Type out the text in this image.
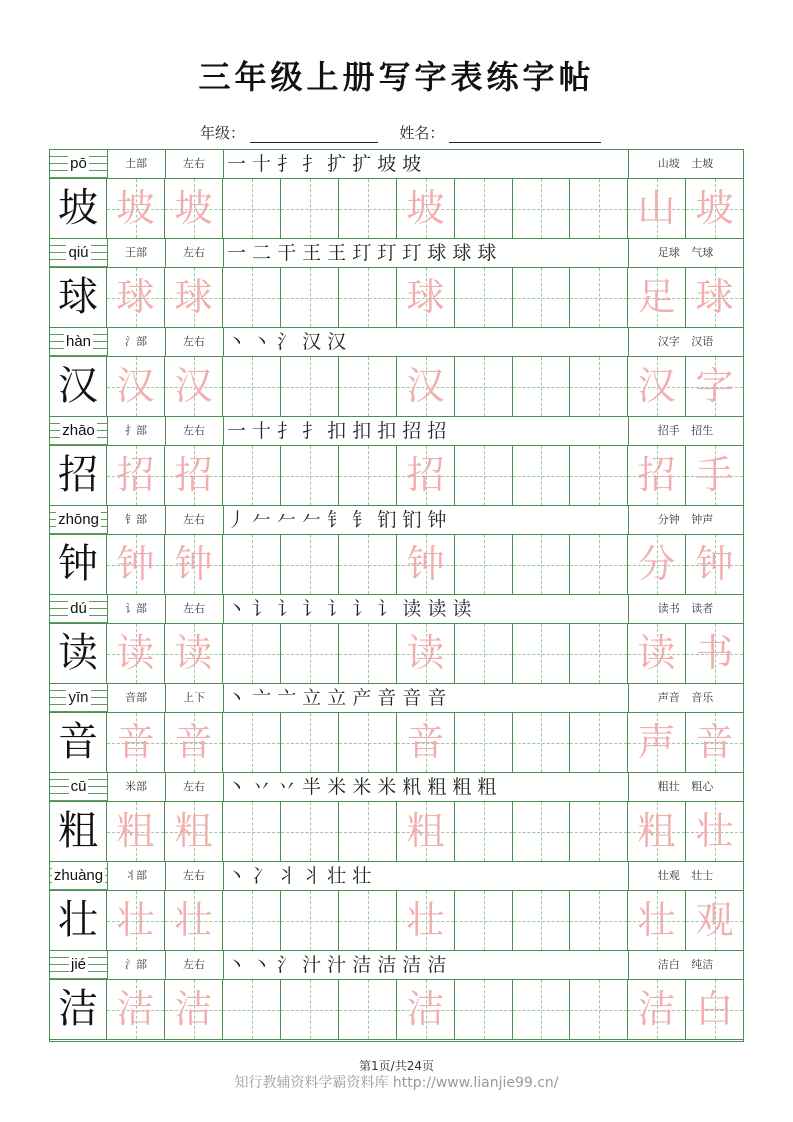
三年级上册写字表练字帖
年级：	姓名：
pō	土部	左右	一 十 扌 扌 扩 扩 坡 坡	山坡 土坡
坡 坡 坡	坡	山 坡
qiú	王部	左右	一 二 干 王 王 玎 玎 玎 球 球 球	足球 气球
球 球 球	球	足 球
hàn	氵部	左右	丶 丶 氵 汉 汉	汉字 汉语
汉 汉 汉	汉	汉 字
zhāo	扌部	左右	一 十 扌 扌 扣 扣 扣 招 招	招手 招生
招 招 招	招	招 手
zhōng	钅部	左右	丿 𠂉 𠂉 𠂉 钅 钅 钔 钔 钟	分钟 钟声
钟 钟 钟	钟	分 钟
dú	讠部	左右	丶 讠 讠 讠 讠 讠 讠 读 读 读	读书 读者
读 读 读	读	读 书
yīn	音部	上下	丶 亠 亠 立 立 产 音 音 音	声音 音乐
音 音 音	音	声 音
cū	米部	左右	丶 丷 丷 半 米 米 米 籸 粗 粗 粗	粗壮 粗心
粗 粗 粗	粗	粗 壮
zhuàng	丬部	左右	丶 冫 丬 丬 壮 壮	壮观 壮士
壮 壮 壮	壮	壮 观
jié	氵部	左右	丶 丶 氵 汁 汁 洁 洁 洁 洁	洁白 纯洁
洁 洁 洁	洁	洁 白
第1页/共24页
知行教辅资料学霸资料库 http://www.lianjie99.cn/
